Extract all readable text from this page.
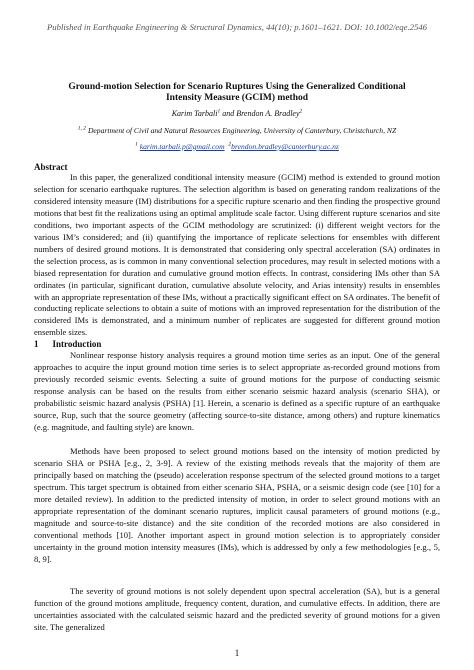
Published in Earthquake Engineering & Structural Dynamics, 44(10); p.1601–1621. DOI: 10.1002/eqe.2546
Ground-motion Selection for Scenario Ruptures Using the Generalized Conditional
Intensity Measure (GCIM) method
Karim Tarbali$^1$ and Brendon A. Bradley$^2$
$^{1, 2}$ Department of Civil and Natural Resources Engineering, University of Canterbury, Christchurch, NZ
$^1$ karim.tarbali.p@gmail.com $^2$brendon.bradley@canterbury.ac.nz
Abstract

In this paper, the generalized conditional intensity measure (GCIM) method is extended to ground motion selection for scenario earthquake ruptures. The selection algorithm is based on generating random realizations of the considered intensity measure (IM) distributions for a specific rupture scenario and then finding the prospective ground motions that best fit the realizations using an optimal amplitude scale factor. Using different rupture scenarios and site conditions, two important aspects of the GCIM methodology are scrutinized: (i) different weight vectors for the various IM’s considered; and (ii) quantifying the importance of replicate selections for ensembles with different numbers of desired ground motions. It is demonstrated that considering only spectral acceleration (SA) ordinates in the selection process, as is common in many conventional selection procedures, may result in selected motions with a biased representation for duration and cumulative ground motion effects. In contrast, considering IMs other than SA ordinates (in particular, significant duration, cumulative absolute velocity, and Arias intensity) results in ensembles with an appropriate representation of these IMs, without a practically significant effect on SA ordinates. The benefit of conducting replicate selections to obtain a suite of motions with an improved representation for the distribution of the considered IMs is demonstrated, and a minimum number of replicates are suggested for different ground motion ensemble sizes.

1 Introduction

Nonlinear response history analysis requires a ground motion time series as an input. One of the general approaches to acquire the input ground motion time series is to select appropriate as-recorded ground motions from previously recorded seismic events. Selecting a suite of ground motions for the purpose of conducting seismic response analysis can be based on the results from either scenario seismic hazard analysis (scenario SHA), or probabilistic seismic hazard analysis (PSHA) [1]. Herein, a scenario is defined as a specific rupture of an earthquake source, Rup, such that the source geometry (affecting source-to-site distance, among others) and rupture kinematics (e.g. magnitude, and faulting style) are known.

Methods have been proposed to select ground motions based on the intensity of motion predicted by scenario SHA or PSHA [e.g., 2, 3-9]. A review of the existing methods reveals that the majority of them are principally based on matching the (pseudo) acceleration response spectrum of the selected ground motions to a target spectrum. This target spectrum is obtained from either scenario SHA, PSHA, or a seismic design code (see [10] for a more detailed review). In addition to the predicted intensity of motion, in order to select ground motions with an appropriate representation of the dominant scenario ruptures, implicit causal parameters of ground motions (e.g., magnitude and source-to-site distance) and the site condition of the recorded motions are also considered in conventional methods [10]. Another important aspect in ground motion selection is to appropriately consider uncertainty in the ground motion intensity measures (IMs), which is addressed by only a few methodologies [e.g., 5, 8, 9].

The severity of ground motions is not solely dependent upon spectral acceleration (SA), but is a general function of the ground motions amplitude, frequency content, duration, and cumulative effects. In addition, there are uncertainties associated with the calculated seismic hazard and the predicted severity of ground motions for a given site. The generalized

1
